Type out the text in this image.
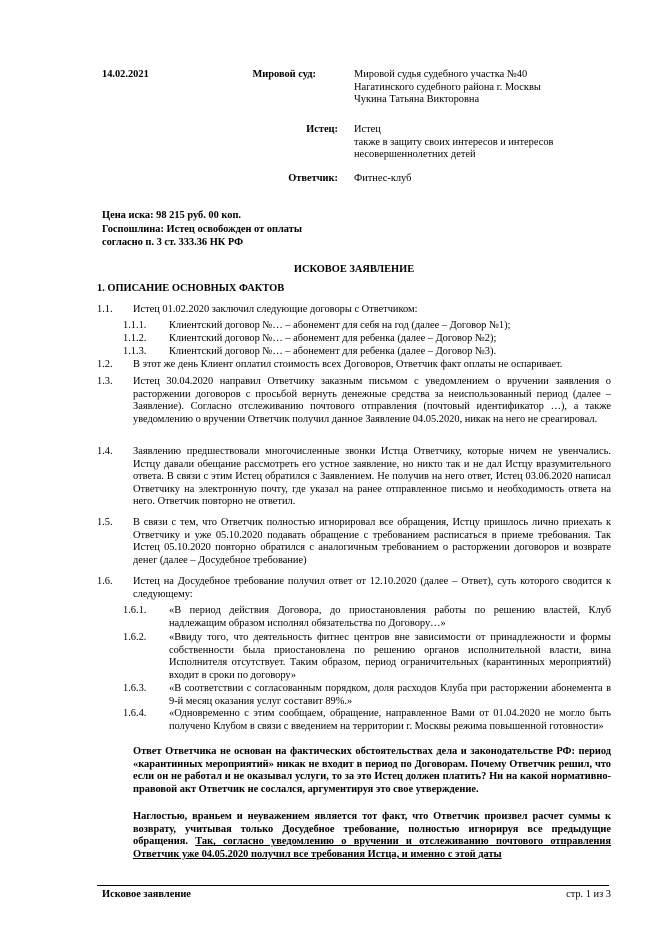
14.02.2021	Мировой суд:	Мировой судья судебного участка №40
Нагатинского судебного района г. Москвы
Чукина Татьяна Викторовна
Истец: Истец
также в защиту своих интересов и интересов
несовершеннолетних детей
Ответчик: Фитнес-клуб
Цена иска: 98 215 руб. 00 коп.
Госпошлина: Истец освобожден от оплаты
согласно п. 3 ст. 333.36 НК РФ
ИСКОВОЕ ЗАЯВЛЕНИЕ
1. ОПИСАНИЕ ОСНОВНЫХ ФАКТОВ
1.1. Истец 01.02.2020 заключил следующие договоры с Ответчиком:
1.1.1. Клиентский договор №… – абонемент для себя на год (далее – Договор №1);
1.1.2. Клиентский договор №… – абонемент для ребенка (далее – Договор №2);
1.1.3. Клиентский договор №… – абонемент для ребенка (далее – Договор №3).
1.2. В этот же день Клиент оплатил стоимость всех Договоров, Ответчик факт оплаты не оспаривает.
1.3. Истец 30.04.2020 направил Ответчику заказным письмом с уведомлением о вручении заявления о расторжении договоров с просьбой вернуть денежные средства за неиспользованный период (далее – Заявление). Согласно отслеживанию почтового отправления (почтовый идентификатор …), а также уведомлению о вручении Ответчик получил данное Заявление 04.05.2020, никак на него не среагировал.
1.4. Заявлению предшествовали многочисленные звонки Истца Ответчику, которые ничем не увенчались. Истцу давали обещание рассмотреть его устное заявление, но никто так и не дал Истцу вразумительного ответа. В связи с этим Истец обратился с Заявлением. Не получив на него ответ, Истец 03.06.2020 написал Ответчику на электронную почту, где указал на ранее отправленное письмо и необходимость ответа на него. Ответчик повторно не ответил.
1.5. В связи с тем, что Ответчик полностью игнорировал все обращения, Истцу пришлось лично приехать к Ответчику и уже 05.10.2020 подавать обращение с требованием расписаться в приеме требования. Так Истец 05.10.2020 повторно обратился с аналогичным требованием о расторжении договоров и возврате денег (далее – Досудебное требование)
1.6. Истец на Досудебное требование получил ответ от 12.10.2020 (далее – Ответ), суть которого сводится к следующему:
1.6.1. «В период действия Договора, до приостановления работы по решению властей, Клуб надлежащим образом исполнял обязательства по Договору…»
1.6.2. «Ввиду того, что деятельность фитнес центров вне зависимости от принадлежности и формы собственности была приостановлена по решению органов исполнительной власти, вина Исполнителя отсутствует. Таким образом, период ограничительных (карантинных мероприятий) входит в сроки по договору»
1.6.3. «В соответствии с согласованным порядком, доля расходов Клуба при расторжении абонемента в 9-й месяц оказания услуг составит 89%.»
1.6.4. «Одновременно с этим сообщаем, обращение, направленное Вами от 01.04.2020 не могло быть получено Клубом в связи с введением на территории г. Москвы режима повышенной готовности»
Ответ Ответчика не основан на фактических обстоятельствах дела и законодательстве РФ: период «карантинных мероприятий» никак не входит в период по Договорам. Почему Ответчик решил, что если он не работал и не оказывал услуги, то за это Истец должен платить? Ни на какой нормативно-правовой акт Ответчик не сослался, аргументируя это свое утверждение.
Наглостью, враньем и неуважением является тот факт, что Ответчик произвел расчет суммы к возврату, учитывая только Досудебное требование, полностью игнорируя все предыдущие обращения. Так, согласно уведомлению о вручении и отслеживанию почтового отправления Ответчик уже 04.05.2020 получил все требования Истца, и именно с этой даты
Исковое заявление	стр. 1 из 3
